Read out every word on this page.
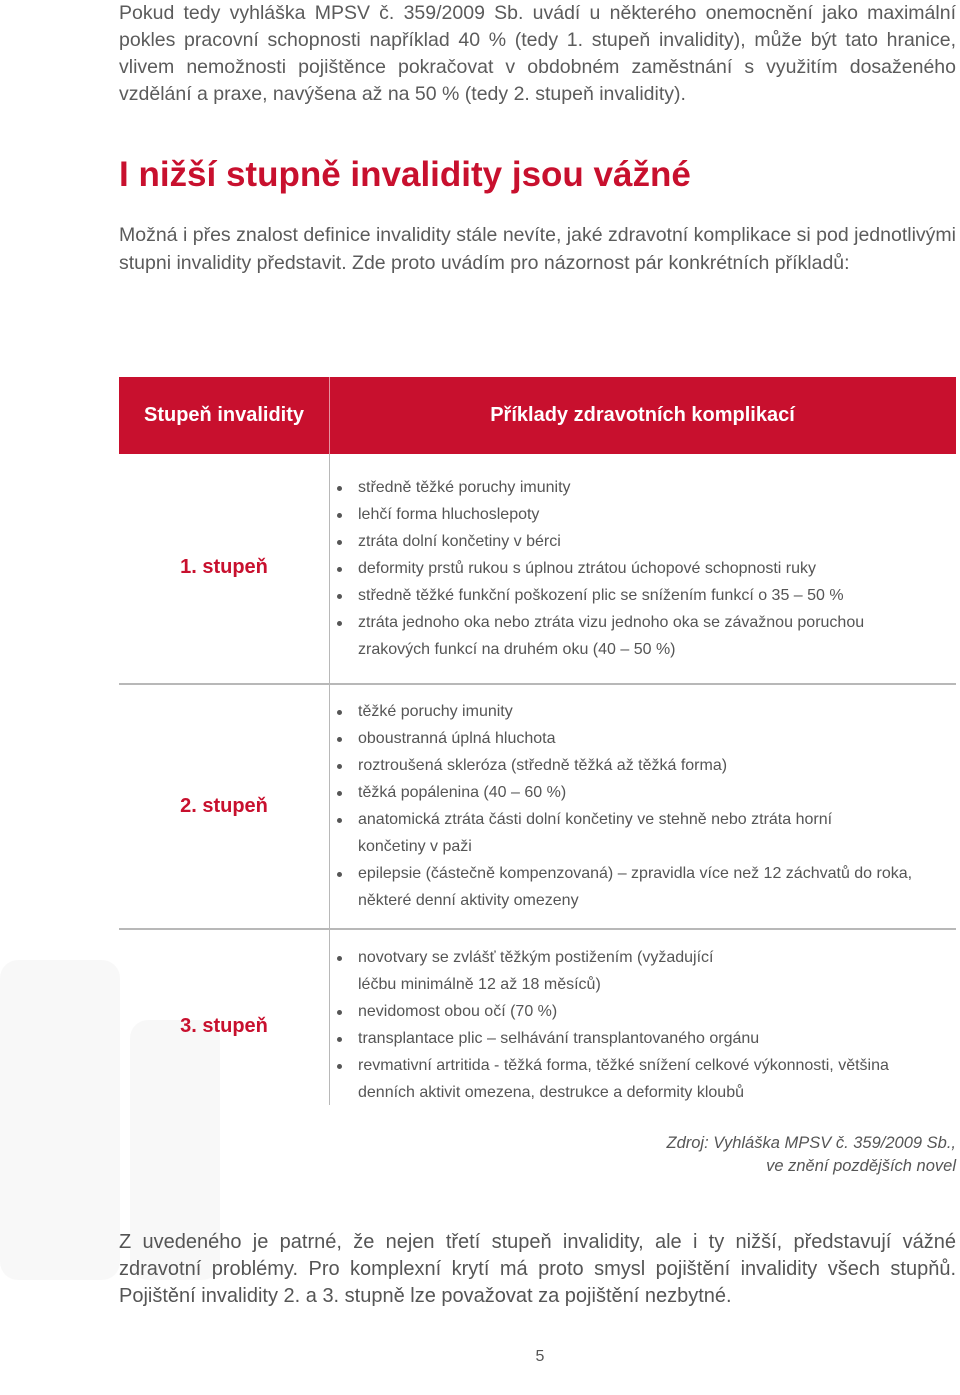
Pokud tedy vyhláška MPSV č. 359/2009 Sb. uvádí u některého onemocnění jako maximální pokles pracovní schopnosti například 40 % (tedy 1. stupeň invalidity), může být tato hranice, vlivem nemožnosti pojištěnce pokračovat v obdobném zaměstnání s využitím dosaženého vzdělání a praxe, navýšena až na 50 % (tedy 2. stupeň invalidity).
I nižší stupně invalidity jsou vážné
Možná i přes znalost definice invalidity stále nevíte, jaké zdravotní komplikace si pod jednotlivými stupni invalidity představit. Zde proto uvádím pro názornost pár konkrétních příkladů:
Stupeň invalidity	Příklady zdravotních komplikací
1. stupeň
středně těžké poruchy imunity
lehčí forma hluchoslepoty
ztráta dolní končetiny v bérci
deformity prstů rukou s úplnou ztrátou úchopové schopnosti ruky
středně těžké funkční poškození plic se snížením funkcí o 35 – 50 %
ztráta jednoho oka nebo ztráta vizu jednoho oka se závažnou poruchou zrakových funkcí na druhém oku (40 – 50 %)
2. stupeň
těžké poruchy imunity
oboustranná úplná hluchota
roztroušená skleróza (středně těžká až těžká forma)
těžká popálenina (40 – 60 %)
anatomická ztráta části dolní končetiny ve stehně nebo ztráta horní končetiny v paži
epilepsie (částečně kompenzovaná) – zpravidla více než 12 záchvatů do roka, některé denní aktivity omezeny
3. stupeň
novotvary se zvlášť těžkým postižením (vyžadující léčbu minimálně 12 až 18 měsíců)
nevidomost obou očí (70 %)
transplantace plic – selhávání transplantovaného orgánu
revmativní artritida - těžká forma, těžké snížení celkové výkonnosti, většina denních aktivit omezena, destrukce a deformity kloubů
Zdroj: Vyhláška MPSV č. 359/2009 Sb.,
ve znění pozdějších novel
Z uvedeného je patrné, že nejen třetí stupeň invalidity, ale i ty nižší, představují vážné zdravotní problémy. Pro komplexní krytí má proto smysl pojištění invalidity všech stupňů. Pojištění invalidity 2. a 3. stupně lze považovat za pojištění nezbytné.
5
